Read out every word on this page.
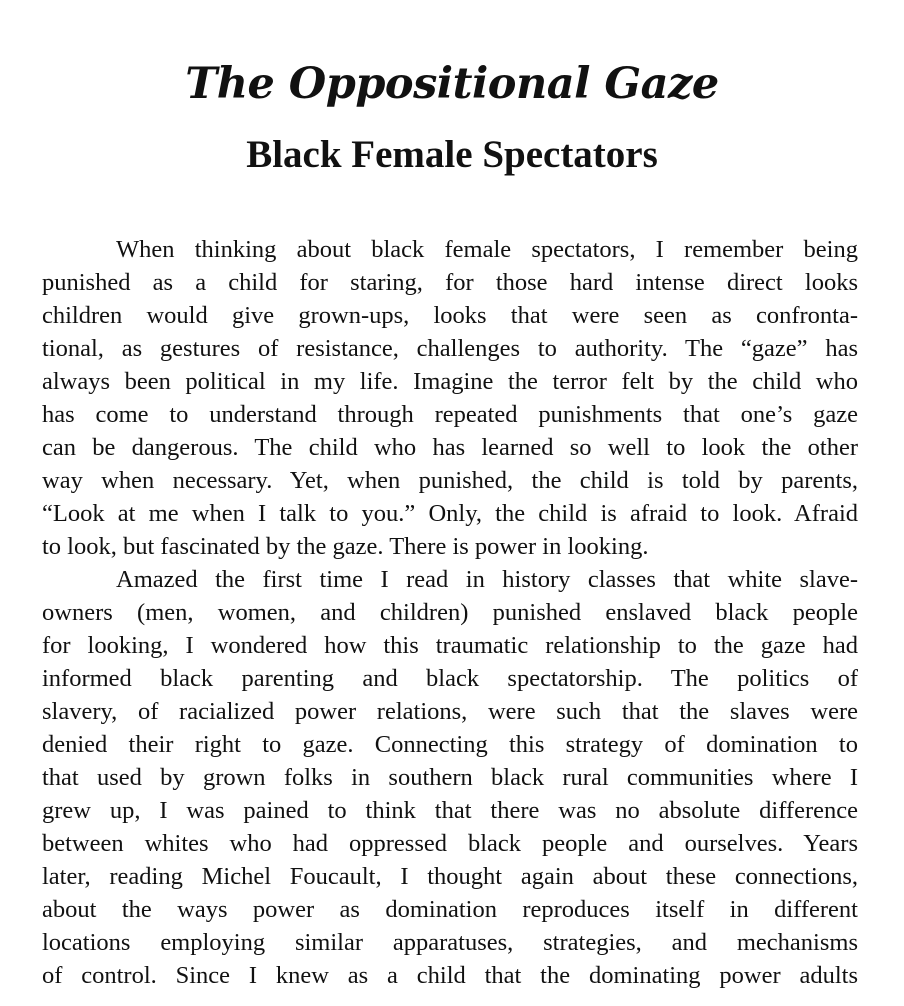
The Oppositional Gaze
Black Female Spectators
When thinking about black female spectators, I remember being
punished as a child for staring, for those hard intense direct looks
children would give grown-ups, looks that were seen as confronta-
tional, as gestures of resistance, challenges to authority. The “gaze” has
always been political in my life. Imagine the terror felt by the child who
has come to understand through repeated punishments that one’s gaze
can be dangerous. The child who has learned so well to look the other
way when necessary. Yet, when punished, the child is told by parents,
“Look at me when I talk to you.” Only, the child is afraid to look. Afraid
to look, but fascinated by the gaze. There is power in looking.
Amazed the first time I read in history classes that white slave-
owners (men, women, and children) punished enslaved black people
for looking, I wondered how this traumatic relationship to the gaze had
informed black parenting and black spectatorship. The politics of
slavery, of racialized power relations, were such that the slaves were
denied their right to gaze. Connecting this strategy of domination to
that used by grown folks in southern black rural communities where I
grew up, I was pained to think that there was no absolute difference
between whites who had oppressed black people and ourselves. Years
later, reading Michel Foucault, I thought again about these connections,
about the ways power as domination reproduces itself in different
locations employing similar apparatuses, strategies, and mechanisms
of control. Since I knew as a child that the dominating power adults
